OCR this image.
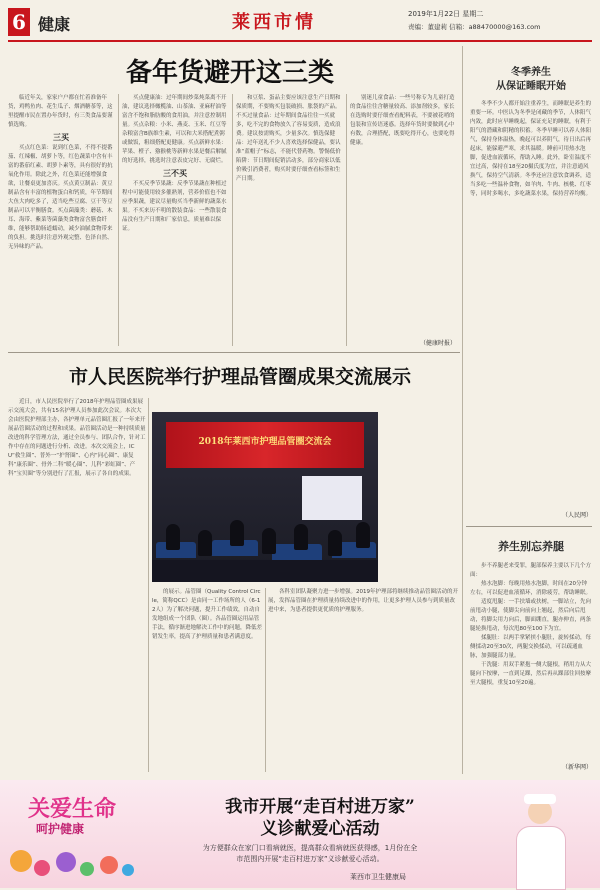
6 健康	莱西市情	2019年1月22日 星期二
责编：董建莉 信箱：a88470000@163.com
备年货避开这三类

临近年关，家家户户都在忙着准备年货，鸡鸭鱼肉、花生瓜子、烟酒糖茶等，这里提醒市民在置办年货时，有三类食品要谨慎选购。

三买

买点红色菜：说到红色菜，不得不提番茄、红辣椒、胡萝卜等，红色蔬菜中含有丰富的番茄红素、胡萝卜素等，具有很好的抗氧化作用。除此之外，红色菜还能增强食欲，让餐桌更加喜庆。买点黄豆制品：黄豆制品含有丰富的植物蛋白和钙质，年节期间大鱼大肉吃多了，适当吃些豆腐、豆干等豆制品可以平衡膳食。买点菌藻类：蘑菇、木耳、海带、紫菜等菌藻类食物富含膳食纤维，能够帮助肠道蠕动，减少油腻食物带来的负担。挑选时注意外观完整、色泽自然、无异味的产品。

买点健康油：过年期间炒菜炖菜离不开油，建议选择橄榄油、山茶油、亚麻籽油等富含不饱和脂肪酸的食用油，并注意控制用量。买点杂粮：小米、燕麦、玉米、红豆等杂粮富含B族维生素，可以和大米搭配煮粥或做饭，粗细搭配更健康。买点新鲜水果：苹果、橙子、猕猴桃等新鲜水果是餐后解腻的好选择，挑选时注意表皮完好、无腐烂。

三不买

不买反季节果蔬：反季节果蔬在种植过程中可能使用较多催熟剂，营养价值也不如应季果蔬，建议尽量购买当季新鲜的蔬菜水果。不买来历不明的散装食品：一些散装食品没有生产日期和厂家信息，质量难以保证。

和豆浆、蛋品主要应该注意生产日期和保质期，不要购买包装破损、胀袋的产品。不买过量食品：过年期间食品往往一买就多，吃不完的食物放久了容易变质，造成浪费。建议按需购买，少量多次。慎选保健品：过年送礼不少人喜欢选择保健品，要认准“蓝帽子”标志，不能代替药物。警惕低价陷阱：节日期间促销活动多，部分商家以低价吸引消费者，购买时要仔细查看标签和生产日期。

别迷儿童食品：一些号称专为儿童打造的食品往往含糖量较高、添加剂较多，家长在选购时要仔细查看配料表，不要被花哨的包装和宣传语迷惑。选择年货时要做到心中有数，合理搭配，既要吃得开心，也要吃得健康。

（健康时报）
冬季养生
从保证睡眠开始

冬季不少人都开始注重养生，而睡眠是养生的重要一环。中医认为冬季是闭藏的季节，人体阳气内敛，此时应早睡晚起，保证充足的睡眠，有利于阳气的潜藏和阴精的积蓄。冬季早睡可以养人体阳气，保持身体温热，晚起可以养阴气，待日出后再起床，能躲避严寒，求其温暖。睡前可用热水泡脚，促进血液循环，帮助入睡。此外，卧室温度不宜过高，保持在18至20摄氏度为宜，并注意通风换气，保持空气清新。冬季还应注意饮食调养，适当多吃一些温补食物，如羊肉、牛肉、核桃、红枣等，同时多喝水，多吃蔬菜水果，保持营养均衡。

（人民网）
养生别忘养腿

步不养腿老来受罪，腿部保养主要以下几个方面：

热水泡脚：每晚用热水泡脚，时间在20分钟左右，可以促进血液循环，消除疲劳，帮助睡眠。

适度甩腿：一手扶墙或扶树，一脚站立，先向前甩动小腿，使脚尖向前向上翘起，然后向后甩动，将脚尖用力向后，脚面绷直，腿亦伸直，两条腿轮换甩动，每次甩80至100下为宜。

揉腿肚：以两手掌紧挟小腿肚，旋转揉动，每侧揉动20至30次，两腿交换揉动，可以疏通血脉，加强腿部力量。

干洗腿：用双手紧抱一侧大腿根，稍用力从大腿向下按摩，一直到足踝，然后再从踝部往回按摩至大腿根，重复10至20遍。

（新华网）
市人民医院举行护理品管圈成果交流展示

近日，市人民医院举行了2018年护理品管圈成果展示交流大会，共有15名护理人员参加此次会议。本次大会由医院护理部主办，各护理单元品管圈汇报了一年来开展品管圈活动的过程和成果。品管圈活动是一种持续质量改进的科学管理方法，通过全员参与、团队合作，针对工作中存在的问题进行分析、改进。本次交流会上，ICU“救生圈”、普外一“护肾圈”、心内“同心圈”、康复科“康乐圈”、骨外二科“暖心圈”、儿科“彩虹圈”、产科“宝贝圈”等分别进行了汇报，展示了各自的成果。

2018年莱西市护理品管圈交流会

的展示。品管圈（Quality Control Circle，简称QCC）是由同一工作场所的人（6-12人）为了解决问题，提升工作绩效，自动自发地组成一个团队（圈）。各品管圈运用品管手法，循序渐进地解决工作中的问题，降低差错发生率，提高了护理质量和患者满意度。

各科室团队凝聚力进一步增强。2019年护理部将继续推动品管圈活动的开展，发挥品管圈在护理质量持续改进中的作用，让更多护理人员参与到质量改进中来，为患者提供更优质的护理服务。

关爱生命
呵护健康
我市开展“走百村进万家”
义诊献爱心活动
为方便群众在家门口看病就医，提高群众看病就医获得感，1月份在全
市范围内开展“走百村进万家”义诊献爱心活动。
莱西市卫生健康局
